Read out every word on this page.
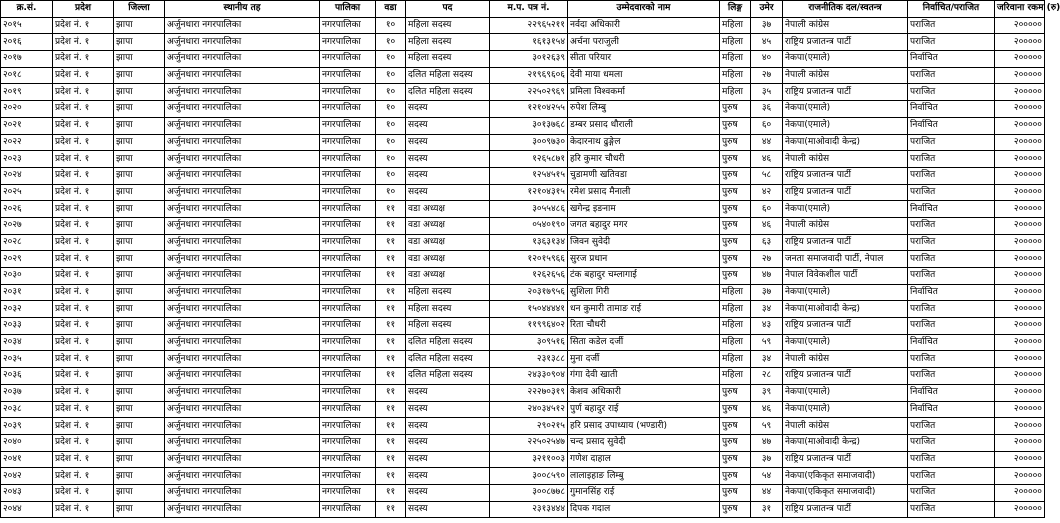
क्र.सं.	प्रदेश	जिल्ला	स्थानीय तह	पालिका	वडा	पद	म.प. पत्र नं.	उम्मेदवारको नाम	लिङ्ग	उमेर	राजनीतिक दल/स्वतन्त्र	निर्वाचित/पराजित	जरिवाना रकम (रु)
२०१५	प्रदेश नं. १	झापा	अर्जुनधारा नगरपालिका	नगरपालिका	१०	महिला सदस्य	२२९६५२११	नर्वदा अधिकारी	महिला	३७	नेपाली कांग्रेस	पराजित	२०००००
२०१६	प्रदेश नं. १	झापा	अर्जुनधारा नगरपालिका	नगरपालिका	१०	महिला सदस्य	१६१३१५४	अर्चना पराजुली	महिला	४५	राष्ट्रिय प्रजातन्त्र पार्टी	पराजित	२०००००
२०१७	प्रदेश नं. १	झापा	अर्जुनधारा नगरपालिका	नगरपालिका	१०	महिला सदस्य	३०१२६३९	सीता परियार	महिला	४०	नेकपा(एमाले)	निर्वाचित	२०००००
२०१८	प्रदेश नं. १	झापा	अर्जुनधारा नगरपालिका	नगरपालिका	१०	दलित महिला सदस्य	२१९६९६०६	देवी माया धमला	महिला	२७	नेपाली कांग्रेस	पराजित	२०००००
२०१९	प्रदेश नं. १	झापा	अर्जुनधारा नगरपालिका	नगरपालिका	१०	दलित महिला सदस्य	२२५०२९६९	प्रमिला विश्वकर्मा	महिला	३५	राष्ट्रिय प्रजातन्त्र पार्टी	पराजित	२०००००
२०२०	प्रदेश नं. १	झापा	अर्जुनधारा नगरपालिका	नगरपालिका	१०	सदस्य	१२१०४२५५	रुपेश लिम्बु	पुरुष	३६	नेकपा(एमाले)	निर्वाचित	२०००००
२०२१	प्रदेश नं. १	झापा	अर्जुनधारा नगरपालिका	नगरपालिका	१०	सदस्य	३०१३७६८	डम्बर प्रसाद धौराली	पुरुष	६०	नेकपा(एमाले)	निर्वाचित	२०००००
२०२२	प्रदेश नं. १	झापा	अर्जुनधारा नगरपालिका	नगरपालिका	१०	सदस्य	३००९७३०	केदारनाथ ढुङ्गेल	पुरुष	४४	नेकपा(माओवादी केन्द्र)	पराजित	२०००००
२०२३	प्रदेश नं. १	झापा	अर्जुनधारा नगरपालिका	नगरपालिका	१०	सदस्य	१२६५८७१	हरि कुमार चौधरी	पुरुष	४६	नेपाली कांग्रेस	पराजित	२०००००
२०२४	प्रदेश नं. १	झापा	अर्जुनधारा नगरपालिका	नगरपालिका	१०	सदस्य	१२५४५१५	चुडामणी खतिवडा	पुरुष	५८	राष्ट्रिय प्रजातन्त्र पार्टी	पराजित	२०००००
२०२५	प्रदेश नं. १	झापा	अर्जुनधारा नगरपालिका	नगरपालिका	१०	सदस्य	१२१०४३१५	रमेश प्रसाद मैनाली	पुरुष	४२	राष्ट्रिय प्रजातन्त्र पार्टी	पराजित	२०००००
२०२६	प्रदेश नं. १	झापा	अर्जुनधारा नगरपालिका	नगरपालिका	११	वडा अध्यक्ष	३०५५४८६	खगेन्द्र इङनाम	पुरुष	६०	नेकपा(एमाले)	निर्वाचित	२०००००
२०२७	प्रदेश नं. १	झापा	अर्जुनधारा नगरपालिका	नगरपालिका	११	वडा अध्यक्ष	०५४०१९०	जगत बहादुर मगर	पुरुष	४६	नेपाली कांग्रेस	पराजित	२०००००
२०२८	प्रदेश नं. १	झापा	अर्जुनधारा नगरपालिका	नगरपालिका	११	वडा अध्यक्ष	१३६३१३४	जिवन सुवेदी	पुरुष	६३	राष्ट्रिय प्रजातन्त्र पार्टी	पराजित	२०००००
२०२९	प्रदेश नं. १	झापा	अर्जुनधारा नगरपालिका	नगरपालिका	११	वडा अध्यक्ष	१२०१५९६६	सुरज प्रधान	पुरुष	२७	जनता समाजवादी पार्टी, नेपाल	पराजित	२०००००
२०३०	प्रदेश नं. १	झापा	अर्जुनधारा नगरपालिका	नगरपालिका	११	वडा अध्यक्ष	१२६२६५६	टंक बहादुर चम्लागाई	पुरुष	४७	नेपाल विवेकशील पार्टी	पराजित	२०००००
२०३१	प्रदेश नं. १	झापा	अर्जुनधारा नगरपालिका	नगरपालिका	११	महिला सदस्य	२०३१७९५६	सुशिला गिरी	महिला	३७	नेकपा(एमाले)	निर्वाचित	२०००००
२०३२	प्रदेश नं. १	झापा	अर्जुनधारा नगरपालिका	नगरपालिका	११	महिला सदस्य	१५०४४४४१	धन कुमारी तामाङ राई	महिला	३४	नेकपा(माओवादी केन्द्र)	पराजित	२०००००
२०३३	प्रदेश नं. १	झापा	अर्जुनधारा नगरपालिका	नगरपालिका	११	महिला सदस्य	११९९६४०२	रिता चौधरी	महिला	४३	राष्ट्रिय प्रजातन्त्र पार्टी	पराजित	२०००००
२०३४	प्रदेश नं. १	झापा	अर्जुनधारा नगरपालिका	नगरपालिका	११	दलित महिला सदस्य	३०९५१६	सिता कडेल दर्जी	महिला	५९	नेकपा(एमाले)	निर्वाचित	२०००००
२०३५	प्रदेश नं. १	झापा	अर्जुनधारा नगरपालिका	नगरपालिका	११	दलित महिला सदस्य	२३१३८८	मुना दर्जी	महिला	३४	नेपाली कांग्रेस	पराजित	२०००००
२०३६	प्रदेश नं. १	झापा	अर्जुनधारा नगरपालिका	नगरपालिका	११	दलित महिला सदस्य	२४३३०९०४	गंगा देवी खाती	महिला	२८	राष्ट्रिय प्रजातन्त्र पार्टी	पराजित	२०००००
२०३७	प्रदेश नं. १	झापा	अर्जुनधारा नगरपालिका	नगरपालिका	११	सदस्य	२२२७०३१९	केशव अधिकारी	पुरुष	३९	नेकपा(एमाले)	निर्वाचित	२०००००
२०३८	प्रदेश नं. १	झापा	अर्जुनधारा नगरपालिका	नगरपालिका	११	सदस्य	२४०३४५१२	पुर्ण बहादुर राई	पुरुष	४६	नेकपा(एमाले)	निर्वाचित	२०००००
२०३९	प्रदेश नं. १	झापा	अर्जुनधारा नगरपालिका	नगरपालिका	११	सदस्य	२९०२१५	हरि प्रसाद उपाध्याय (भण्डारी)	पुरुष	५९	नेपाली कांग्रेस	पराजित	२०००००
२०४०	प्रदेश नं. १	झापा	अर्जुनधारा नगरपालिका	नगरपालिका	११	सदस्य	२२५०२५४७	चन्द प्रसाद सुवेदी	पुरुष	४७	नेकपा(माओवादी केन्द्र)	पराजित	२०००००
२०४१	प्रदेश नं. १	झापा	अर्जुनधारा नगरपालिका	नगरपालिका	११	सदस्य	३२११००३	गणेश दाहाल	पुरुष	३७	राष्ट्रिय प्रजातन्त्र पार्टी	पराजित	२०००००
२०४२	प्रदेश नं. १	झापा	अर्जुनधारा नगरपालिका	नगरपालिका	११	सदस्य	३००८५९०	लालाइहाङ लिम्बु	पुरुष	५४	नेकपा(एकिकृत समाजवादी)	पराजित	२०००००
२०४३	प्रदेश नं. १	झापा	अर्जुनधारा नगरपालिका	नगरपालिका	११	सदस्य	३००८७७८	गुमानसिंह राई	पुरुष	४४	नेकपा(एकिकृत समाजवादी)	पराजित	२०००००
२०४४	प्रदेश नं. १	झापा	अर्जुनधारा नगरपालिका	नगरपालिका	११	सदस्य	२३१३४४४	दिपक गदाल	पुरुष	३१	राष्ट्रिय प्रजातन्त्र पार्टी	पराजित	२०००००
